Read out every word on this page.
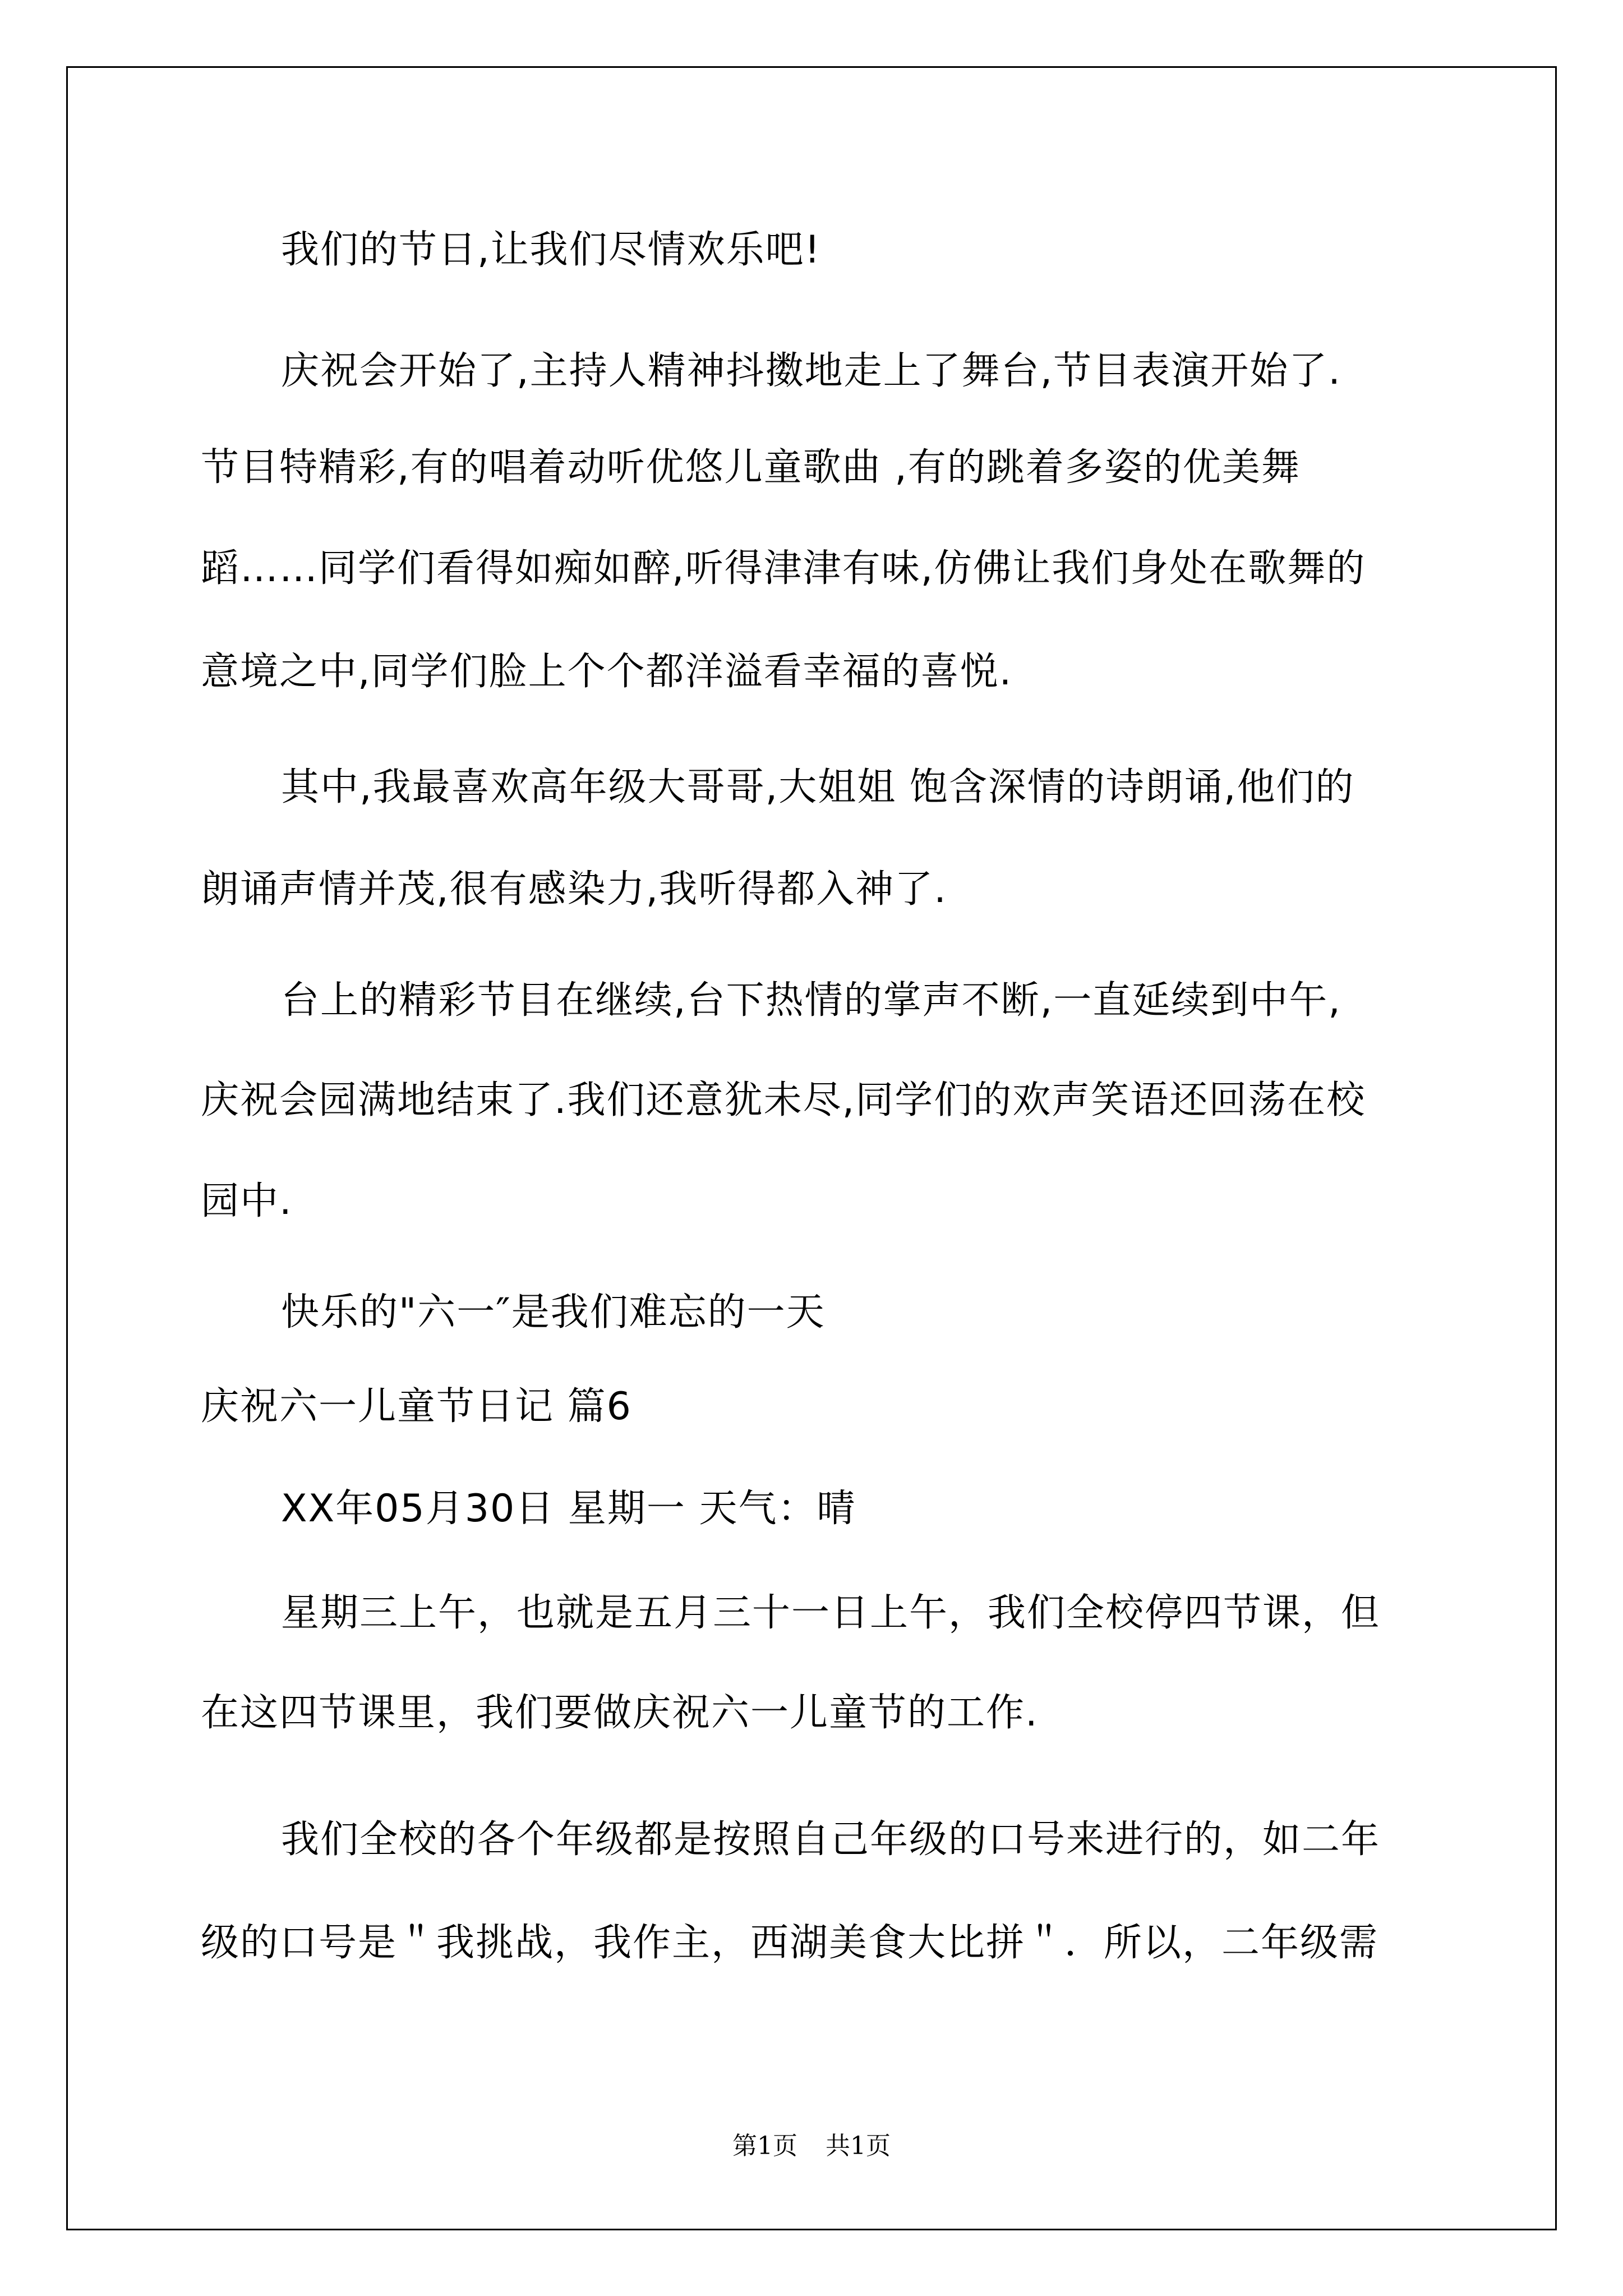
我们的节日,让我们尽情欢乐吧!
庆祝会开始了,主持人精神抖擞地走上了舞台,节目表演开始了.
节目特精彩,有的唱着动听优悠儿童歌曲 ,有的跳着多姿的优美舞
蹈……同学们看得如痴如醉,听得津津有味,仿佛让我们身处在歌舞的
意境之中,同学们脸上个个都洋溢看幸福的喜悦.
其中,我最喜欢高年级大哥哥,大姐姐 饱含深情的诗朗诵,他们的
朗诵声情并茂,很有感染力,我听得都入神了.
台上的精彩节目在继续,台下热情的掌声不断,一直延续到中午,
庆祝会园满地结束了.我们还意犹未尽,同学们的欢声笑语还回荡在校
园中.
快乐的"六一″是我们难忘的一天
庆祝六一儿童节日记 篇6
XX年05月30日 星期一 天气：晴
星期三上午，也就是五月三十一日上午，我们全校停四节课，但
在这四节课里，我们要做庆祝六一儿童节的工作.
我们全校的各个年级都是按照自己年级的口号来进行的，如二年
级的口号是＂我挑战，我作主，西湖美食大比拼＂．所以，二年级需
第1页 共1页
